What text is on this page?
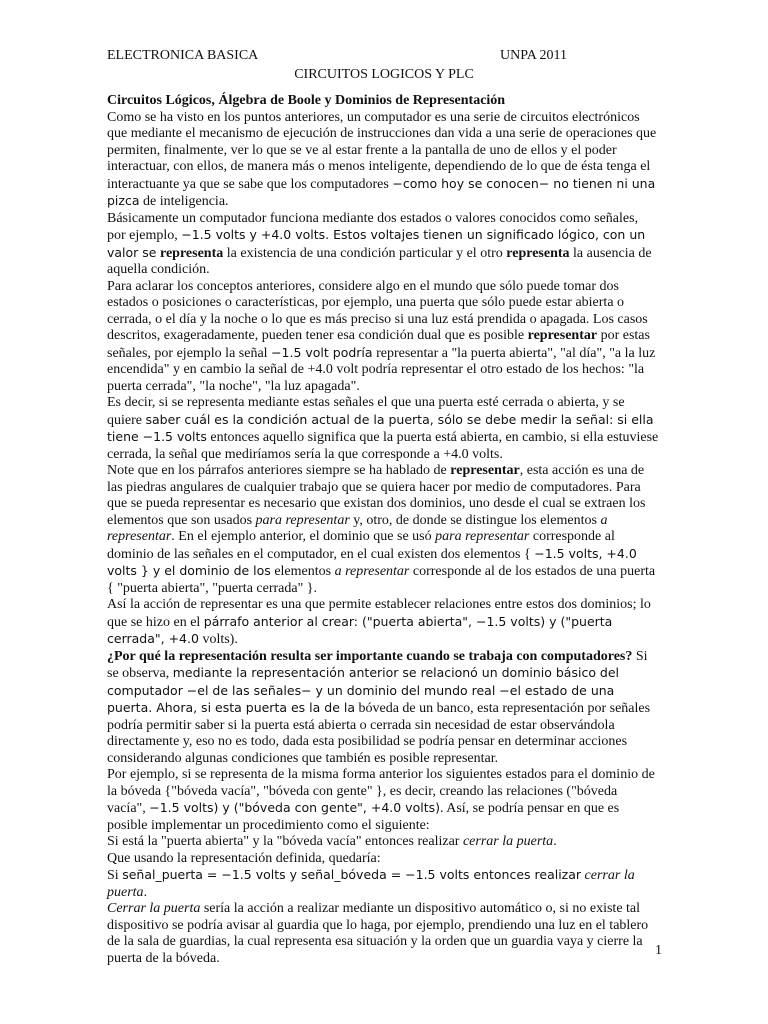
ELECTRONICA BASICA	UNPA 2011
CIRCUITOS LOGICOS Y PLC

Circuitos Lógicos, Álgebra de Boole y Dominios de Representación

Como se ha visto en los puntos anteriores, un computador es una serie de circuitos electrónicos que mediante el mecanismo de ejecución de instrucciones dan vida a una serie de operaciones que permiten, finalmente, ver lo que se ve al estar frente a la pantalla de uno de ellos y el poder interactuar, con ellos, de manera más o menos inteligente, dependiendo de lo que de ésta tenga el interactuante ya que se sabe que los computadores −como hoy se conocen− no tienen ni una pizca de inteligencia.

Básicamente un computador funciona mediante dos estados o valores conocidos como señales, por ejemplo, −1.5 volts y +4.0 volts. Estos voltajes tienen un significado lógico, con un valor se representa la existencia de una condición particular y el otro representa la ausencia de aquella condición.

Para aclarar los conceptos anteriores, considere algo en el mundo que sólo puede tomar dos estados o posiciones o características, por ejemplo, una puerta que sólo puede estar abierta o cerrada, o el día y la noche o lo que es más preciso si una luz está prendida o apagada. Los casos descritos, exageradamente, pueden tener esa condición dual que es posible representar por estas señales, por ejemplo la señal −1.5 volt podría representar a "la puerta abierta", "al día", "a la luz encendida" y en cambio la señal de +4.0 volt podría representar el otro estado de los hechos: "la puerta cerrada", "la noche", "la luz apagada".

Es decir, si se representa mediante estas señales el que una puerta esté cerrada o abierta, y se quiere saber cuál es la condición actual de la puerta, sólo se debe medir la señal: si ella tiene −1.5 volts entonces aquello significa que la puerta está abierta, en cambio, si ella estuviese cerrada, la señal que mediríamos sería la que corresponde a +4.0 volts.

Note que en los párrafos anteriores siempre se ha hablado de representar, esta acción es una de las piedras angulares de cualquier trabajo que se quiera hacer por medio de computadores. Para que se pueda representar es necesario que existan dos dominios, uno desde el cual se extraen los elementos que son usados para representar y, otro, de donde se distingue los elementos a representar. En el ejemplo anterior, el dominio que se usó para representar corresponde al dominio de las señales en el computador, en el cual existen dos elementos { −1.5 volts, +4.0 volts } y el dominio de los elementos a representar corresponde al de los estados de una puerta { "puerta abierta", "puerta cerrada" }.

Así la acción de representar es una que permite establecer relaciones entre estos dos dominios; lo que se hizo en el párrafo anterior al crear: ("puerta abierta", −1.5 volts) y ("puerta cerrada", +4.0 volts).

¿Por qué la representación resulta ser importante cuando se trabaja con computadores? Si se observa, mediante la representación anterior se relacionó un dominio básico del computador −el de las señales− y un dominio del mundo real −el estado de una puerta. Ahora, si esta puerta es la de la bóveda de un banco, esta representación por señales podría permitir saber si la puerta está abierta o cerrada sin necesidad de estar observándola directamente y, eso no es todo, dada esta posibilidad se podría pensar en determinar acciones considerando algunas condiciones que también es posible representar.

Por ejemplo, si se representa de la misma forma anterior los siguientes estados para el dominio de la bóveda {"bóveda vacía", "bóveda con gente" }, es decir, creando las relaciones ("bóveda vacía", −1.5 volts) y ("bóveda con gente", +4.0 volts). Así, se podría pensar en que es posible implementar un procedimiento como el siguiente:

Si está la "puerta abierta" y la "bóveda vacía" entonces realizar cerrar la puerta.

Que usando la representación definida, quedaría:

Si señal_puerta = −1.5 volts y señal_bóveda = −1.5 volts entonces realizar cerrar la puerta.

Cerrar la puerta sería la acción a realizar mediante un dispositivo automático o, si no existe tal dispositivo se podría avisar al guardia que lo haga, por ejemplo, prendiendo una luz en el tablero de la sala de guardias, la cual representa esa situación y la orden que un guardia vaya y cierre la puerta de la bóveda.	1
